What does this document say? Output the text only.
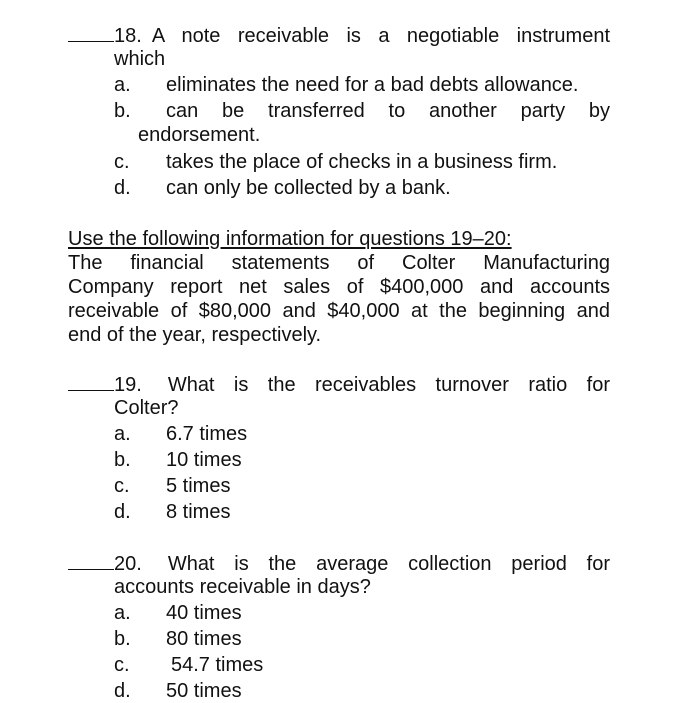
18. A note receivable is a negotiable instrument
which
a. eliminates the need for a bad debts allowance.
b. can be transferred to another party by
endorsement.
c. takes the place of checks in a business firm.
d. can only be collected by a bank.
Use the following information for questions 19–20:
The financial statements of Colter Manufacturing
Company report net sales of $400,000 and accounts
receivable of $80,000 and $40,000 at the beginning and
end of the year, respectively.
19. What is the receivables turnover ratio for
Colter?
a. 6.7 times
b. 10 times
c. 5 times
d. 8 times
20. What is the average collection period for
accounts receivable in days?
a. 40 times
b. 80 times
c. 54.7 times
d. 50 times
